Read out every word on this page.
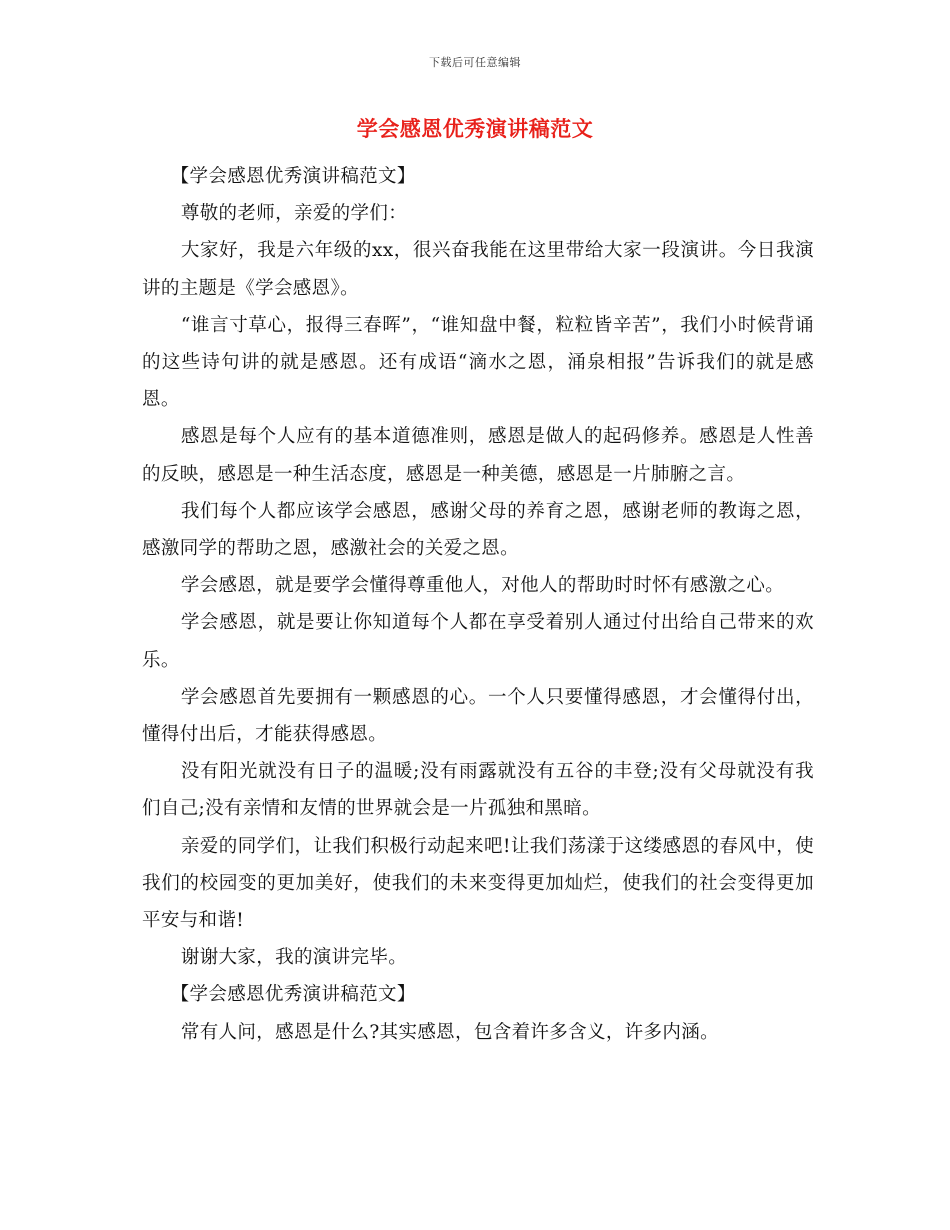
下载后可任意编辑
学会感恩优秀演讲稿范文

【学会感恩优秀演讲稿范文】

尊敬的老师，亲爱的学们：

大家好，我是六年级的xx，很兴奋我能在这里带给大家一段演讲。今日我演讲的主题是《学会感恩》。

“谁言寸草心，报得三春晖”，“谁知盘中餐，粒粒皆辛苦”，我们小时候背诵的这些诗句讲的就是感恩。还有成语“滴水之恩，涌泉相报”告诉我们的就是感恩。

感恩是每个人应有的基本道德准则，感恩是做人的起码修养。感恩是人性善的反映，感恩是一种生活态度，感恩是一种美德，感恩是一片肺腑之言。

我们每个人都应该学会感恩，感谢父母的养育之恩，感谢老师的教诲之恩，感激同学的帮助之恩，感激社会的关爱之恩。

学会感恩，就是要学会懂得尊重他人，对他人的帮助时时怀有感激之心。

学会感恩，就是要让你知道每个人都在享受着别人通过付出给自己带来的欢乐。

学会感恩首先要拥有一颗感恩的心。一个人只要懂得感恩，才会懂得付出，懂得付出后，才能获得感恩。

没有阳光就没有日子的温暖;没有雨露就没有五谷的丰登;没有父母就没有我们自己;没有亲情和友情的世界就会是一片孤独和黑暗。

亲爱的同学们，让我们积极行动起来吧!让我们荡漾于这缕感恩的春风中，使我们的校园变的更加美好，使我们的未来变得更加灿烂，使我们的社会变得更加平安与和谐!

谢谢大家，我的演讲完毕。

【学会感恩优秀演讲稿范文】

常有人问，感恩是什么?其实感恩，包含着许多含义，许多内涵。
